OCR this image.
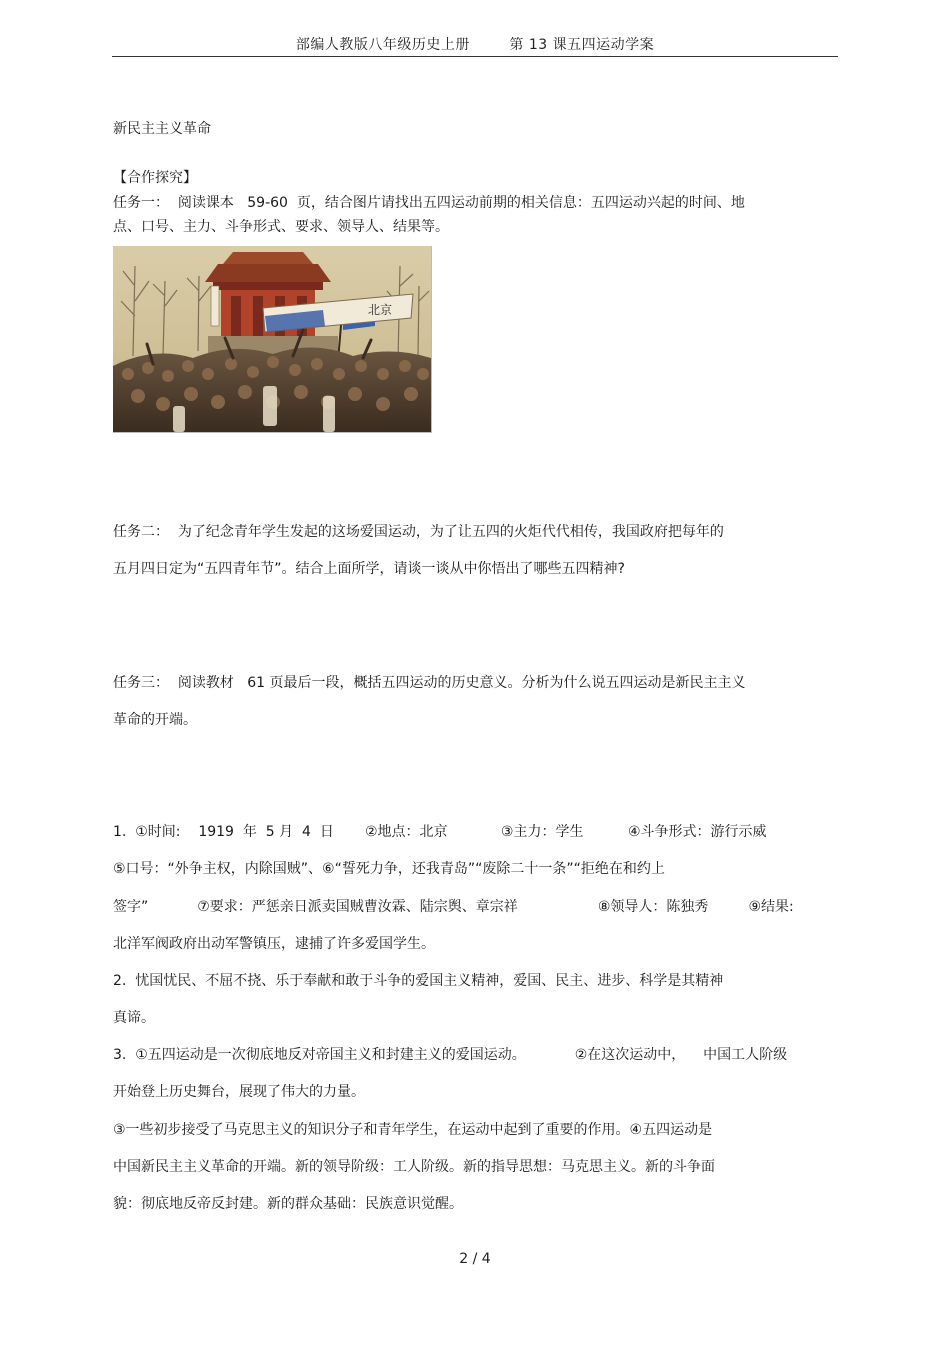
部编人教版八年级历史上册        第 13 课五四运动学案
新民主主义革命
【合作探究】
任务一：  阅读课本   59-60  页，结合图片请找出五四运动前期的相关信息：五四运动兴起的时间、地
点、口号、主力、斗争形式、要求、领导人、结果等。
北京
任务二：  为了纪念青年学生发起的这场爱国运动，为了让五四的火炬代代相传，我国政府把每年的
五月四日定为“五四青年节”。结合上面所学，请谈一谈从中你悟出了哪些五四精神?
任务三：  阅读教材   61 页最后一段，概括五四运动的历史意义。分析为什么说五四运动是新民主主义
革命的开端。
1.  ①时间:    1919  年  5 月  4  日       ②地点：北京            ③主力：学生          ④斗争形式：游行示威
⑤口号：“外争主权，内除国贼”、⑥“誓死力争，还我青岛”“废除二十一条”“拒绝在和约上
签字”           ⑦要求：严惩亲日派卖国贼曹汝霖、陆宗舆、章宗祥                  ⑧领导人：陈独秀         ⑨结果:
北洋军阀政府出动军警镇压，逮捕了许多爱国学生。
2.  忧国忧民、不屈不挠、乐于奉献和敢于斗争的爱国主义精神，爱国、民主、进步、科学是其精神
真谛。
3.  ①五四运动是一次彻底地反对帝国主义和封建主义的爱国运动。           ②在这次运动中，    中国工人阶级
开始登上历史舞台，展现了伟大的力量。
③一些初步接受了马克思主义的知识分子和青年学生，在运动中起到了重要的作用。④五四运动是
中国新民主主义革命的开端。新的领导阶级：工人阶级。新的指导思想：马克思主义。新的斗争面
貌：彻底地反帝反封建。新的群众基础：民族意识觉醒。
2 / 4
